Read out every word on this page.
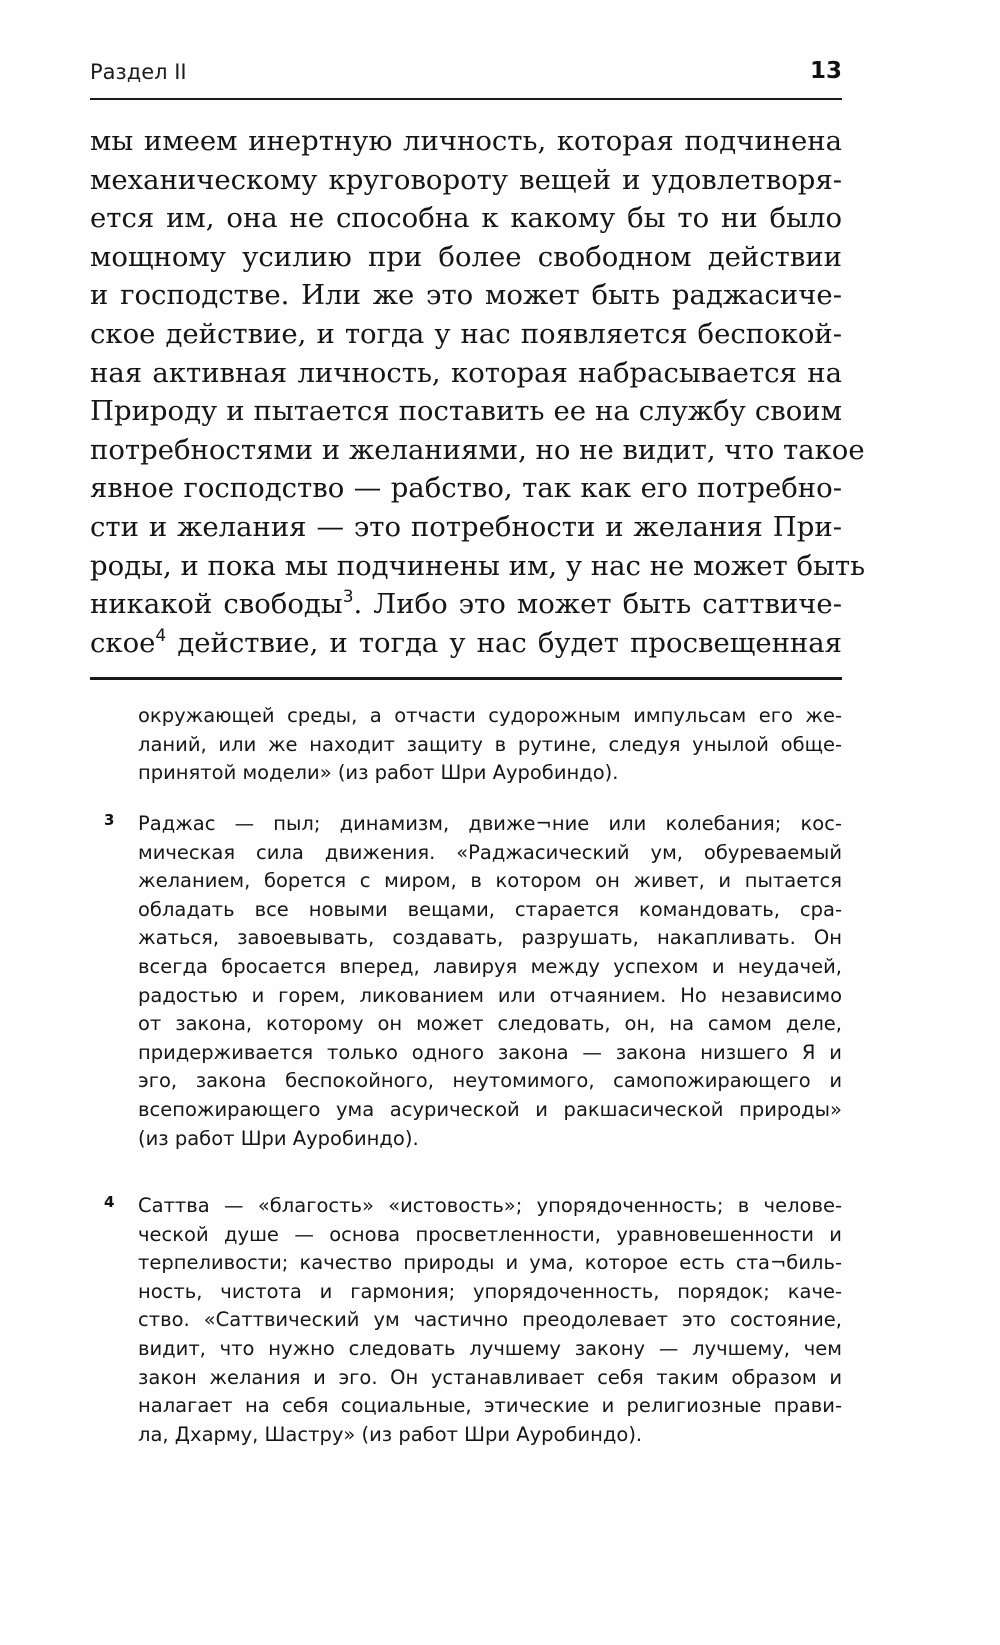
Раздел II	13
мы имеем инертную личность, которая подчинена
механическому круговороту вещей и удовлетворя-
ется им, она не способна к какому бы то ни было
мощному усилию при более свободном действии
и господстве. Или же это может быть раджасиче-
ское действие, и тогда у нас появляется беспокой-
ная активная личность, которая набрасывается на
Природу и пытается поставить ее на службу своим
потребностями и желаниями, но не видит, что такое
явное господство — рабство, так как его потребно-
сти и желания — это потребности и желания При-
роды, и пока мы подчинены им, у нас не может быть
никакой свободы$^3$. Либо это может быть саттвиче-
ское$^4$ действие, и тогда у нас будет просвещенная
окружающей среды, а отчасти судорожным импульсам его же-
ланий, или же находит защиту в рутине, следуя унылой обще-
принятой модели» (из работ Шри Ауробиндо).
3 Раджас — пыл; динамизм, движе¬ние или колебания; кос-
мическая сила движения. «Раджасический ум, обуреваемый
желанием, борется с миром, в котором он живет, и пытается
обладать все новыми вещами, старается командовать, сра-
жаться, завоевывать, создавать, разрушать, накапливать. Он
всегда бросается вперед, лавируя между успехом и неудачей,
радостью и горем, ликованием или отчаянием. Но независимо
от закона, которому он может следовать, он, на самом деле,
придерживается только одного закона — закона низшего Я и
эго, закона беспокойного, неутомимого, самопожирающего и
всепожирающего ума асурической и ракшасической природы»
(из работ Шри Ауробиндо).
4 Саттва — «благость» «истовость»; упорядоченность; в челове-
ческой душе — основа просветленности, уравновешенности и
терпеливости; качество природы и ума, которое есть ста¬биль-
ность, чистота и гармония; упорядоченность, порядок; каче-
ство. «Саттвический ум частично преодолевает это состояние,
видит, что нужно следовать лучшему закону — лучшему, чем
закон желания и эго. Он устанавливает себя таким образом и
налагает на себя социальные, этические и религиозные прави-
ла, Дхарму, Шастру» (из работ Шри Ауробиндо).
